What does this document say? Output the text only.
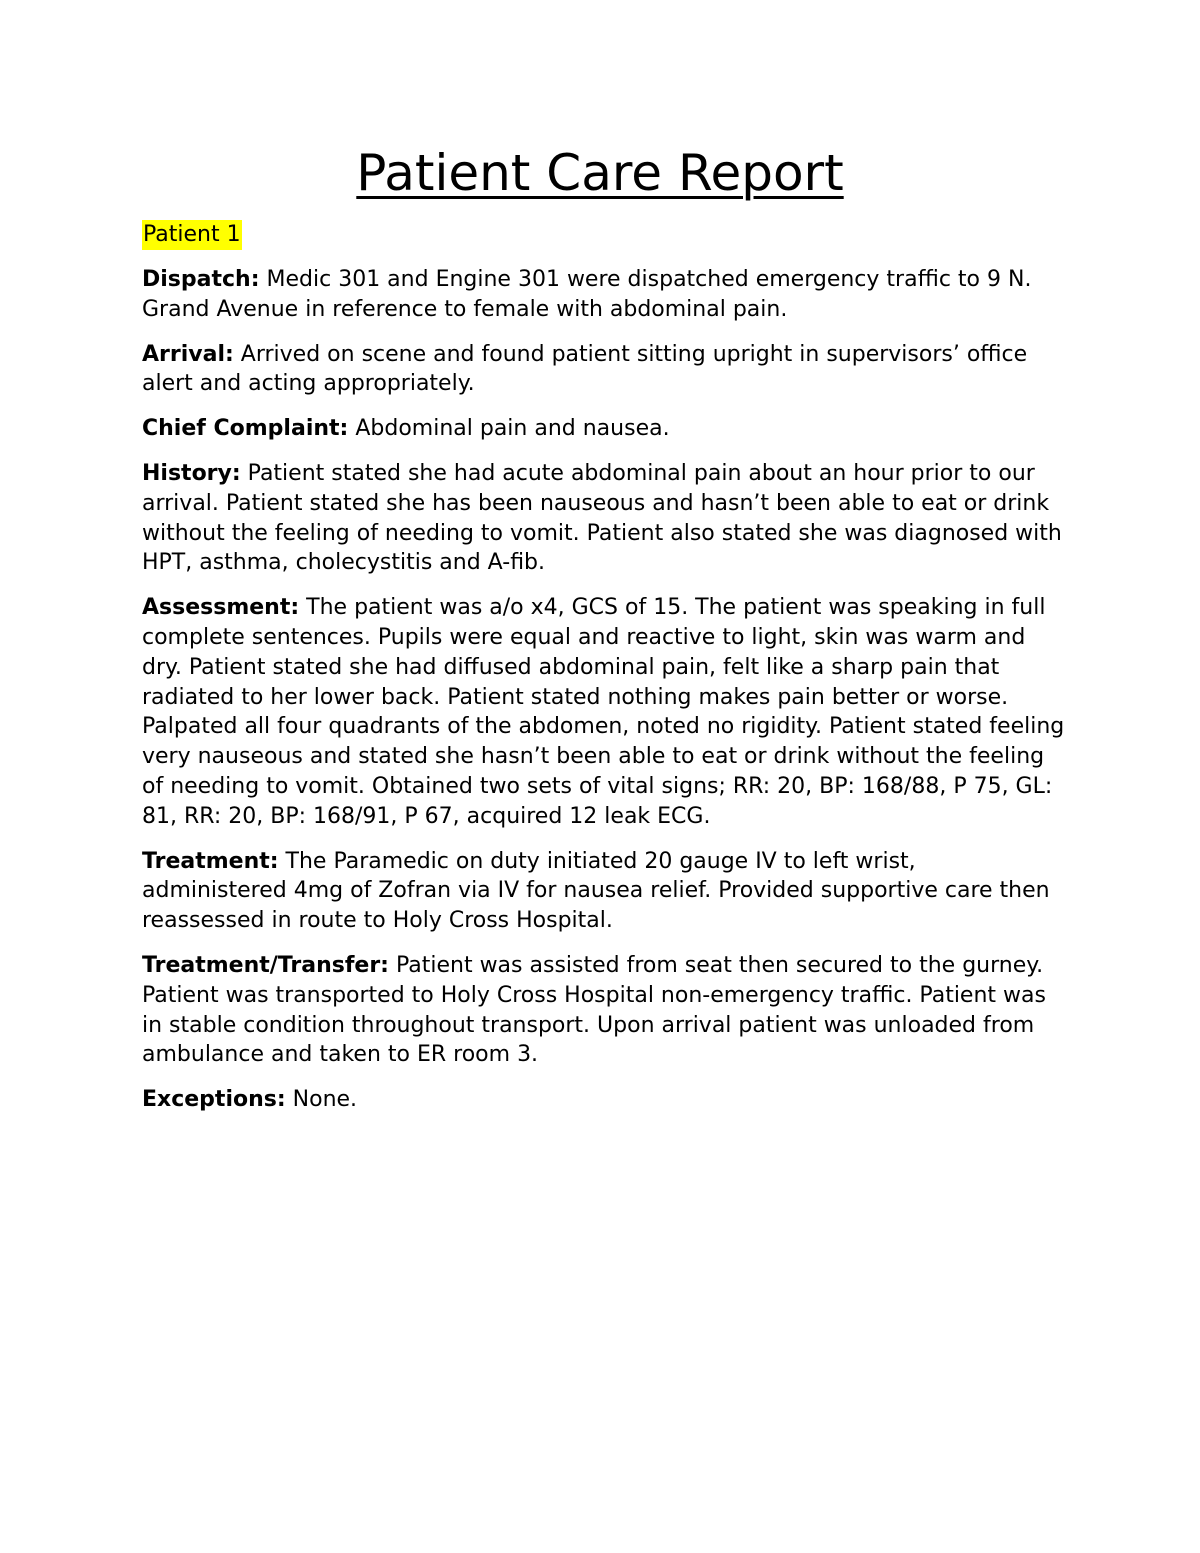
Patient Care Report
Patient 1

Dispatch: Medic 301 and Engine 301 were dispatched emergency traffic to 9 N. Grand Avenue in reference to female with abdominal pain.

Arrival: Arrived on scene and found patient sitting upright in supervisors’ office alert and acting appropriately.

Chief Complaint: Abdominal pain and nausea.

History: Patient stated she had acute abdominal pain about an hour prior to our arrival. Patient stated she has been nauseous and hasn’t been able to eat or drink without the feeling of needing to vomit. Patient also stated she was diagnosed with HPT, asthma, cholecystitis and A-fib.

Assessment: The patient was a/o x4, GCS of 15. The patient was speaking in full complete sentences. Pupils were equal and reactive to light, skin was warm and dry. Patient stated she had diffused abdominal pain, felt like a sharp pain that radiated to her lower back. Patient stated nothing makes pain better or worse. Palpated all four quadrants of the abdomen, noted no rigidity. Patient stated feeling very nauseous and stated she hasn’t been able to eat or drink without the feeling of needing to vomit. Obtained two sets of vital signs; RR: 20, BP: 168/88, P 75, GL: 81, RR: 20, BP: 168/91, P 67, acquired 12 leak ECG.

Treatment: The Paramedic on duty initiated 20 gauge IV to left wrist, administered 4mg of Zofran via IV for nausea relief. Provided supportive care then reassessed in route to Holy Cross Hospital.

Treatment/Transfer: Patient was assisted from seat then secured to the gurney. Patient was transported to Holy Cross Hospital non-emergency traffic. Patient was in stable condition throughout transport. Upon arrival patient was unloaded from ambulance and taken to ER room 3.

Exceptions: None.
